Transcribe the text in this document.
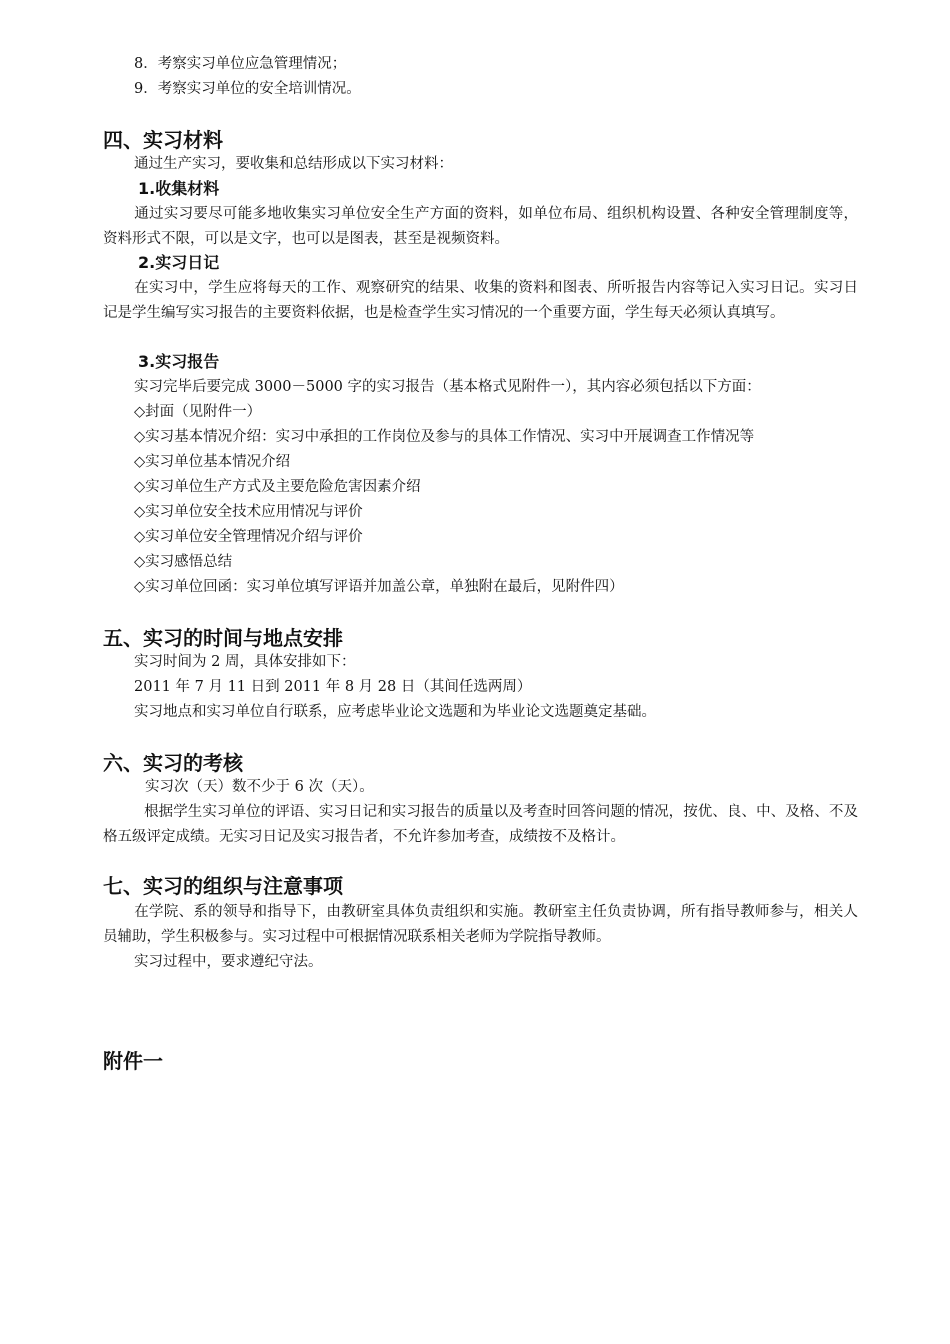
8．考察实习单位应急管理情况；
9．考察实习单位的安全培训情况。
四、实习材料
通过生产实习，要收集和总结形成以下实习材料：
1.收集材料
通过实习要尽可能多地收集实习单位安全生产方面的资料，如单位布局、组织机构设置、各种安全管理制度等，资料形式不限，可以是文字，也可以是图表，甚至是视频资料。
2.实习日记
在实习中，学生应将每天的工作、观察研究的结果、收集的资料和图表、所听报告内容等记入实习日记。实习日记是学生编写实习报告的主要资料依据，也是检查学生实习情况的一个重要方面，学生每天必须认真填写。
3.实习报告
实习完毕后要完成 3000－5000 字的实习报告（基本格式见附件一），其内容必须包括以下方面：
◇封面（见附件一）
◇实习基本情况介绍：实习中承担的工作岗位及参与的具体工作情况、实习中开展调查工作情况等
◇实习单位基本情况介绍
◇实习单位生产方式及主要危险危害因素介绍
◇实习单位安全技术应用情况与评价
◇实习单位安全管理情况介绍与评价
◇实习感悟总结
◇实习单位回函：实习单位填写评语并加盖公章，单独附在最后，见附件四）
五、实习的时间与地点安排
实习时间为 2 周，具体安排如下：
2011 年 7 月 11 日到 2011 年 8 月 28 日（其间任选两周）
实习地点和实习单位自行联系，应考虑毕业论文选题和为毕业论文选题奠定基础。
六、实习的考核
实习次（天）数不少于 6 次（天）。
根据学生实习单位的评语、实习日记和实习报告的质量以及考查时回答问题的情况，按优、良、中、及格、不及格五级评定成绩。无实习日记及实习报告者，不允许参加考查，成绩按不及格计。
七、实习的组织与注意事项
在学院、系的领导和指导下，由教研室具体负责组织和实施。教研室主任负责协调，所有指导教师参与，相关人员辅助，学生积极参与。实习过程中可根据情况联系相关老师为学院指导教师。
实习过程中，要求遵纪守法。
附件一
